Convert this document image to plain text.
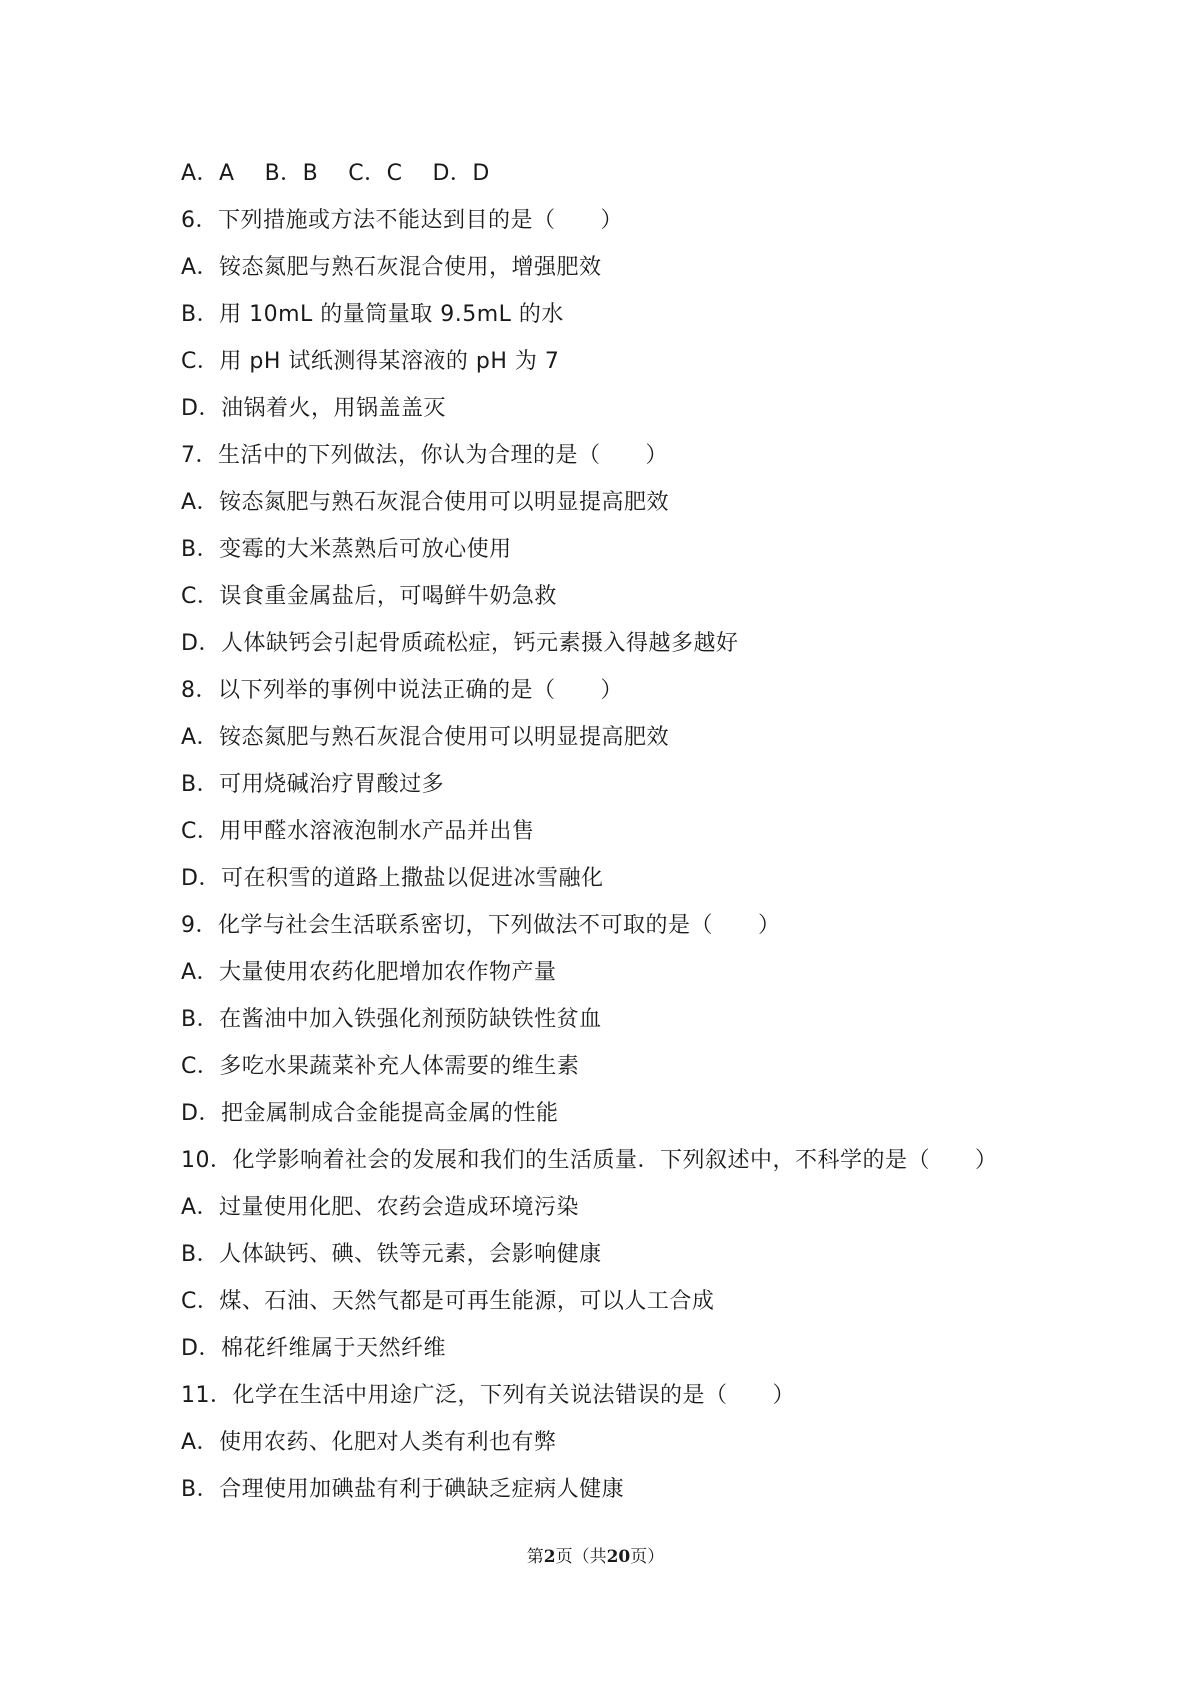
A．A　 B．B　 C．C　 D．D
6．下列措施或方法不能达到目的是（　　）
A．铵态氮肥与熟石灰混合使用，增强肥效
B．用 10mL 的量筒量取 9.5mL 的水
C．用 pH 试纸测得某溶液的 pH 为 7
D．油锅着火，用锅盖盖灭
7．生活中的下列做法，你认为合理的是（　　）
A．铵态氮肥与熟石灰混合使用可以明显提高肥效
B．变霉的大米蒸熟后可放心使用
C．误食重金属盐后，可喝鲜牛奶急救
D．人体缺钙会引起骨质疏松症，钙元素摄入得越多越好
8．以下列举的事例中说法正确的是（　　）
A．铵态氮肥与熟石灰混合使用可以明显提高肥效
B．可用烧碱治疗胃酸过多
C．用甲醛水溶液泡制水产品并出售
D．可在积雪的道路上撒盐以促进冰雪融化
9．化学与社会生活联系密切，下列做法不可取的是（　　）
A．大量使用农药化肥增加农作物产量
B．在酱油中加入铁强化剂预防缺铁性贫血
C．多吃水果蔬菜补充人体需要的维生素
D．把金属制成合金能提高金属的性能
10．化学影响着社会的发展和我们的生活质量．下列叙述中，不科学的是（　　）
A．过量使用化肥、农药会造成环境污染
B．人体缺钙、碘、铁等元素，会影响健康
C．煤、石油、天然气都是可再生能源，可以人工合成
D．棉花纤维属于天然纤维
11．化学在生活中用途广泛，下列有关说法错误的是（　　）
A．使用农药、化肥对人类有利也有弊
B．合理使用加碘盐有利于碘缺乏症病人健康
第2页（共20页）
